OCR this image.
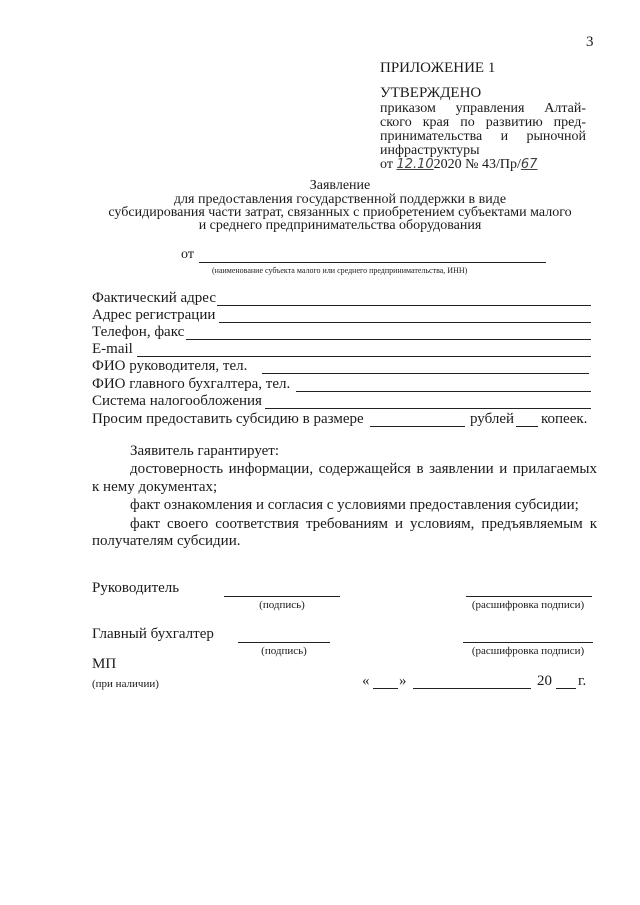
3
ПРИЛОЖЕНИЕ 1
УТВЕРЖДЕНО
приказом управления Алтай-
ского края по развитию пред-
принимательства и рыночной
инфраструктуры
от 12.102020 № 43/Пр/67
Заявление
для предоставления государственной поддержки в виде
субсидирования части затрат, связанных с приобретением субъектами малого
и среднего предпринимательства оборудования
от
(наименование субъекта малого или среднего предпринимательства, ИНН)
Фактический адрес
Адрес регистрации
Телефон, факс
E-mail
ФИО руководителя, тел.
ФИО главного бухгалтера, тел.
Система налогообложения
Просим предоставить субсидию в размере	рублей копеек.
Заявитель гарантирует:
достоверность информации, содержащейся в заявлении и прилагаемых
к нему документах;
факт ознакомления и согласия с условиями предоставления субсидии;
факт своего соответствия требованиям и условиям, предъявляемым к
получателям субсидии.
Руководитель
(подпись)	(расшифровка подписи)
Главный бухгалтер
(подпись)	(расшифровка подписи)
МП
(при наличии)	« »	20 г.
